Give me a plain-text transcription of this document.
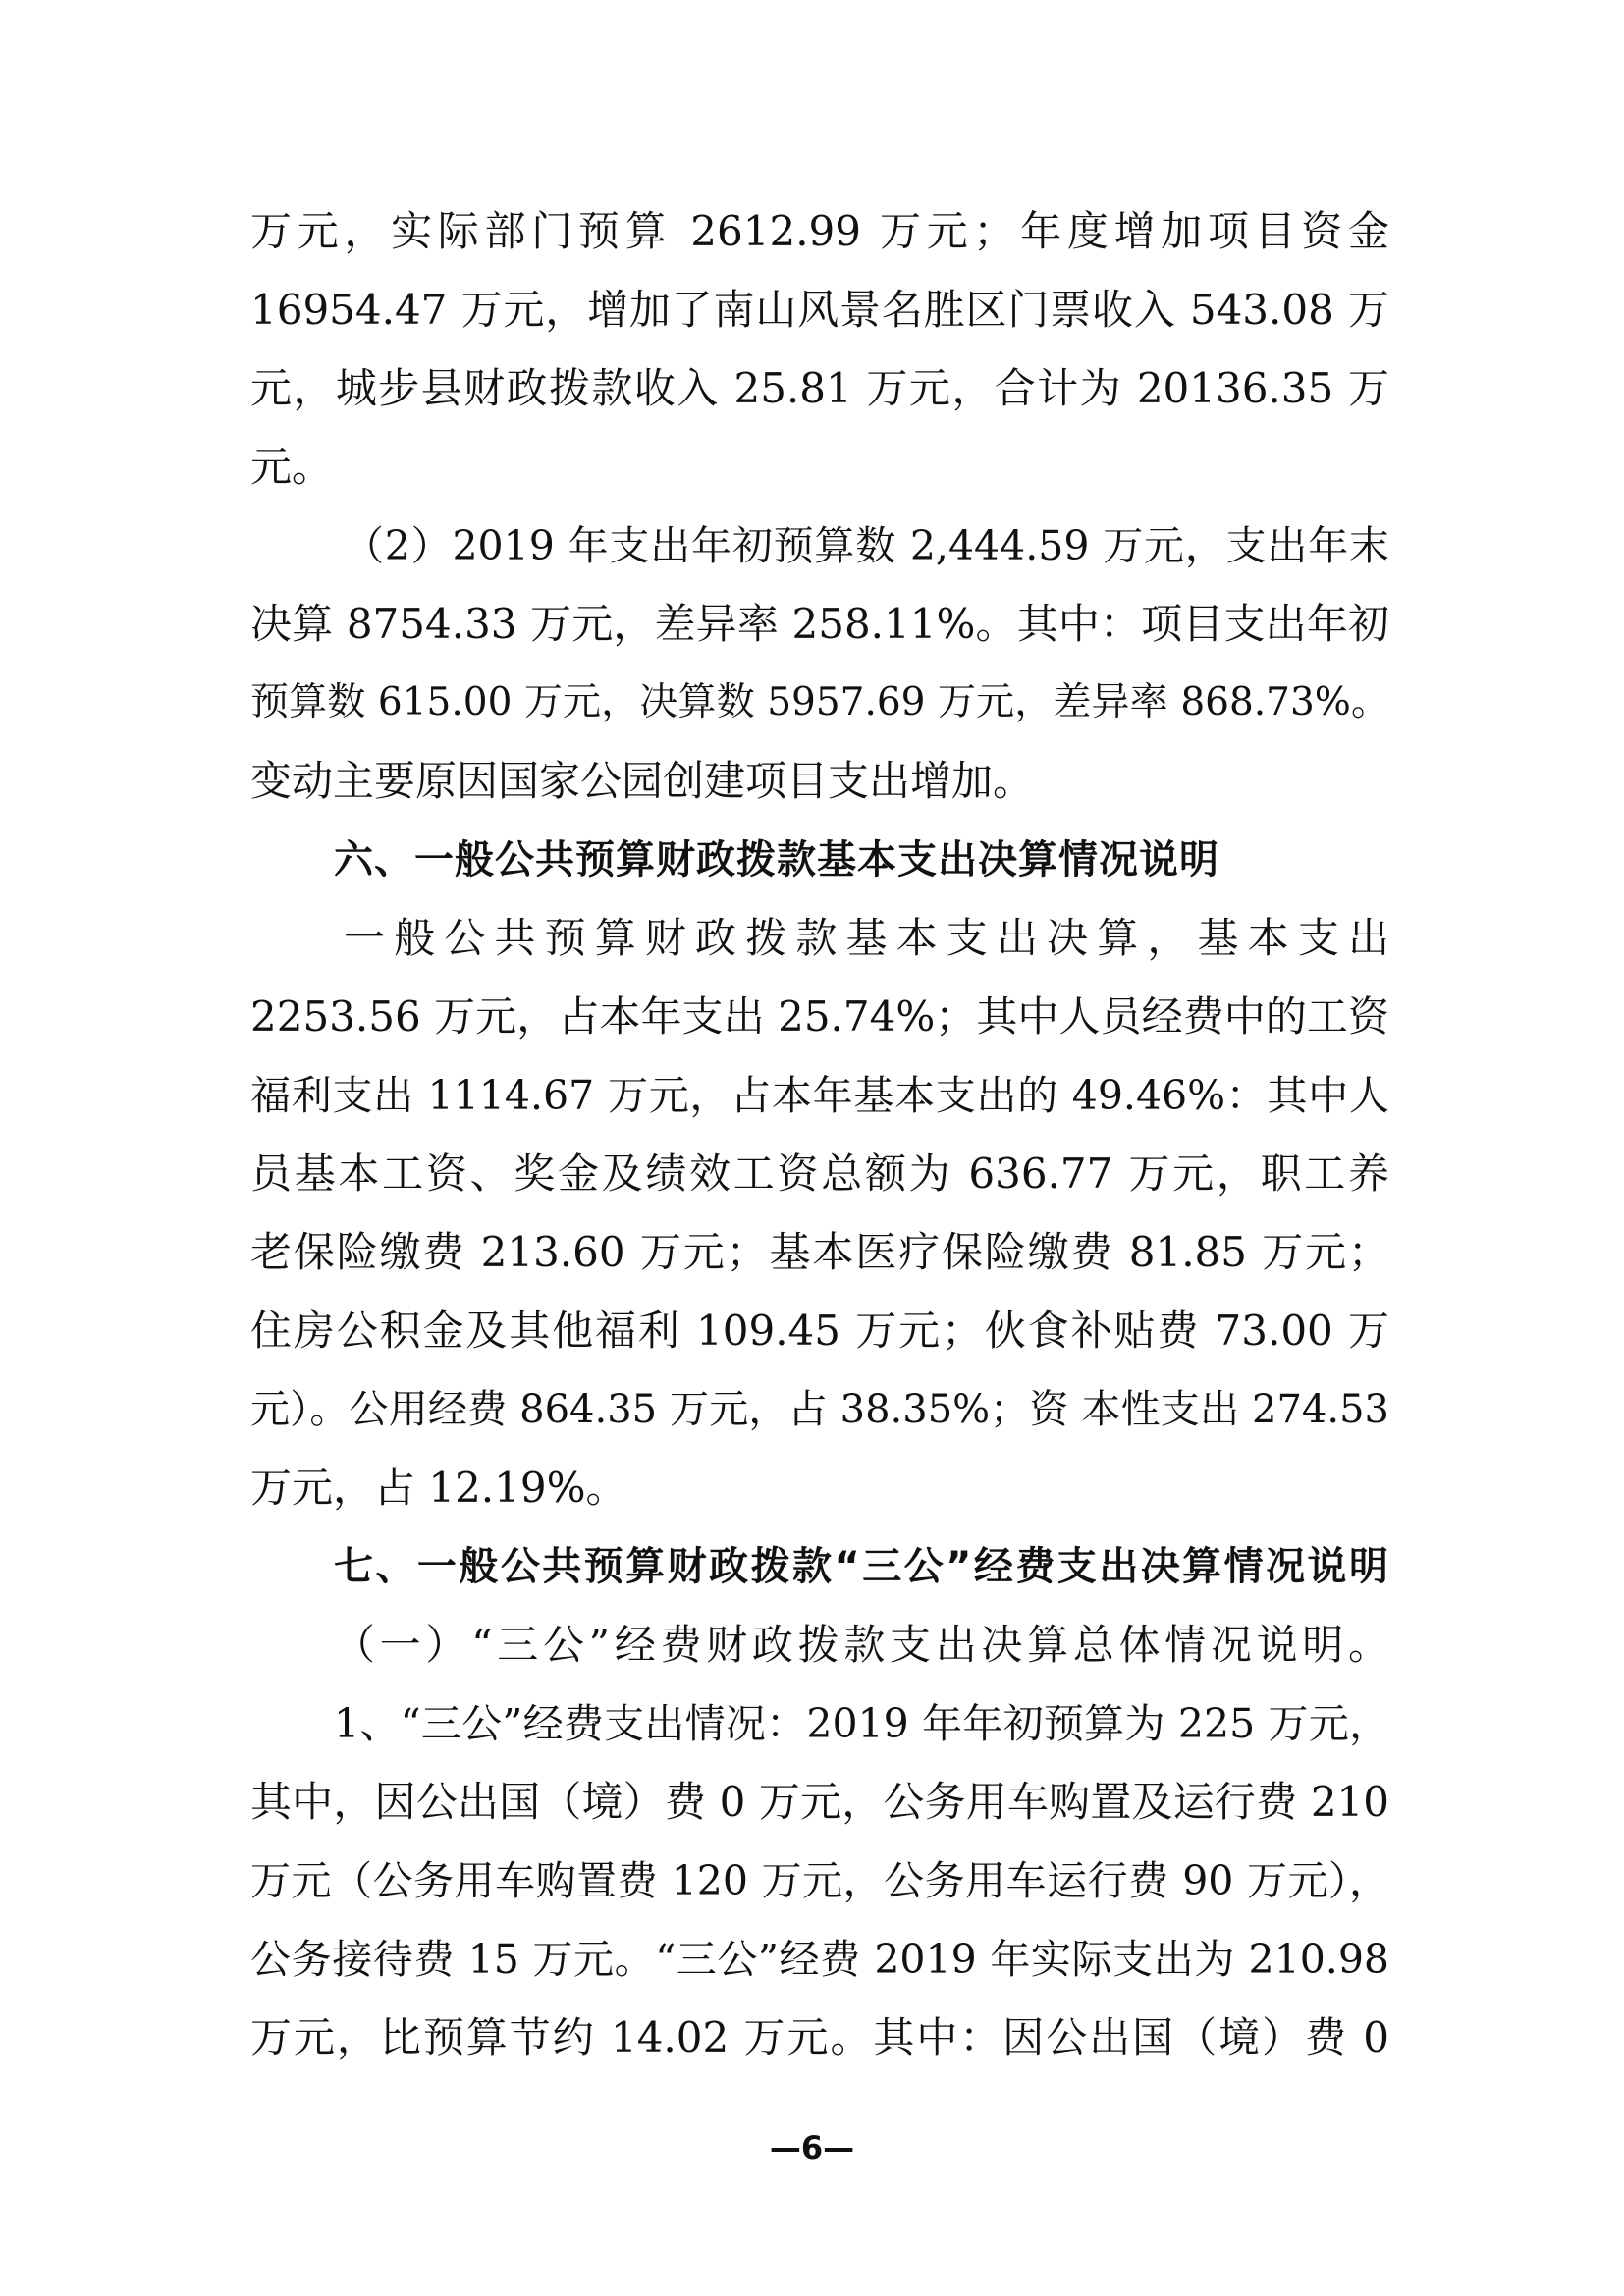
万元，实际部门预算 2612.99 万元；年度增加项目资金

16954.47 万元，增加了南山风景名胜区门票收入 543.08 万

元，城步县财政拨款收入 25.81 万元，合计为 20136.35 万

元。

（2）2019 年支出年初预算数 2,444.59 万元，支出年末

决算 8754.33 万元，差异率 258.11%。其中：项目支出年初

预算数 615.00 万元，决算数 5957.69 万元，差异率 868.73%。

变动主要原因国家公园创建项目支出增加。

六、一般公共预算财政拨款基本支出决算情况说明

一般公共预算财政拨款基本支出决算，基本支出

2253.56 万元，占本年支出 25.74%；其中人员经费中的工资

福利支出 1114.67 万元，占本年基本支出的 49.46%：其中人

员基本工资、奖金及绩效工资总额为 636.77 万元，职工养

老保险缴费 213.60 万元；基本医疗保险缴费 81.85 万元；

住房公积金及其他福利 109.45 万元；伙食补贴费 73.00 万

元）。公用经费 864.35 万元，占 38.35%；资 本性支出 274.53

万元，占 12.19%。

七、一般公共预算财政拨款“三公”经费支出决算情况说明

（一）“三公”经费财政拨款支出决算总体情况说明。

1、“三公”经费支出情况：2019 年年初预算为 225 万元，

其中，因公出国（境）费 0 万元，公务用车购置及运行费 210

万元（公务用车购置费 120 万元，公务用车运行费 90 万元），

公务接待费 15 万元。“三公”经费 2019 年实际支出为 210.98

万元，比预算节约 14.02 万元。其中：因公出国（境）费 0

—6—
